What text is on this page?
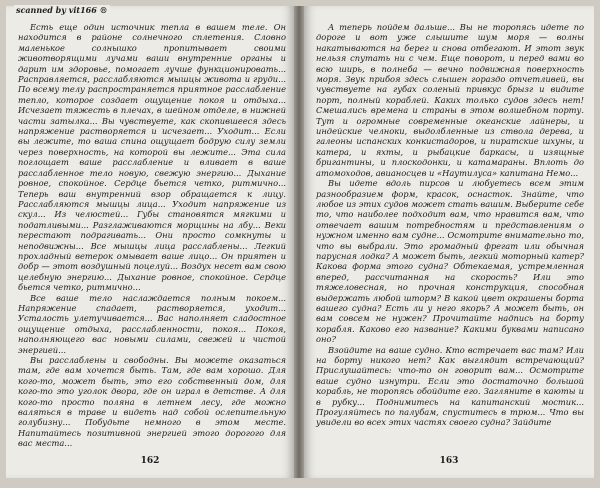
scanned by vit166 ®

Есть еще один источник тепла в вашем теле. Он находится в районе солнечного сплетения. Словно маленькое солнышко пропитывает своими животворящими лучами ваши внутренние органы и дарит им здоровье, помогает лучше функционировать... Расправляется, расслабляются мышцы живота и груди... По всему телу распространяется приятное расслабление тепло, которое создает ощущение покоя и отдыха... Исчезает тяжесть в плечах, в шейном отделе, в нижней части затылка... Вы чувствуете, как скопившееся здесь напряжение растворяется и исчезает... Уходит... Если вы лежите, то ваша спина ощущает бодрую силу земли через поверхность, на которой вы лежите... Эта сила поглощает ваше расслабление и вливает в ваше расслабленное тело новую, свежую энергию... Дыхание ровное, спокойное. Сердце бьется четко, ритмично... Теперь ваш внутренний взор обращается к лицу. Расслабляются мышцы лица... Уходит напряжение из скул... Из челюстей... Губы становятся мягкими и податливыми... Разглаживаются морщины на лбу... Веки перестают подрагивать... Они просто сомкнуты и неподвижны... Все мышцы лица расслаблены... Легкий прохладный ветерок омывает ваше лицо... Он приятен и добр — этот воздушный поцелуй... Воздух несет вам свою целебную энергию... Дыхание ровное, спокойное. Сердце бьется четко, ритмично...

Все ваше тело наслаждается полным покоем... Напряжение спадает, растворяется, уходит... Усталость улетучивается... Вас наполняет сладостное ощущение отдыха, расслабленности, покоя... Покоя, наполняющего вас новыми силами, свежей и чистой энергией...

Вы расслаблены и свободны. Вы можете оказаться там, где вам хочется быть. Там, где вам хорошо. Для кого-то, может быть, это его собственный дом, для кого-то это уголок двора, где он играл в детстве. А для кого-то просто поляна в летнем лесу, где можно валяться в траве и видеть над собой ослепительную голубизну... Побудьте немного в этом месте. Напитайтесь позитивной энергией этого дорогого для вас места...

162

А теперь пойдем дальше... Вы не торопясь идете по дороге и вот уже слышите шум моря — волны накатываются на берег и снова отбегают. И этот звук нельзя спутать ни с чем. Еще поворот, и перед вами во всю ширь, в полнеба — вечно подвижная поверхность моря. Звук прибоя здесь слышен гораздо отчетливей, вы чувствуете на губах соленый привкус брызг и видите порт, полный кораблей. Каких только судов здесь нет! Смешались времена и страны в этом волшебном порту. Тут и огромные современные океанские лайнеры, и индейские челноки, выдолбленные из ствола дерева, и галеоны испанских конкистадоров, и пиратские шхуны, и катера, и яхты, и рыбацкие баркасы, и изящные бригантины, и плоскодонки, и катамараны. Вплоть до атомоходов, авианосцев и «Наутилуса» капитана Немо...

Вы идете вдоль пирсов и любуетесь всем этим разнообразием форм, красок, оснасток. Знайте, что любое из этих судов может стать вашим. Выберите себе то, что наиболее подходит вам, что нравится вам, что отвечает вашим потребностям и представлениям о нужном именно вам судне... Осмотрите внимательно то, что вы выбрали. Это громадный фрегат или обычная парусная лодка? А может быть, легкий моторный катер? Какова форма этого судна? Обтекаемая, устремленная вперед, рассчитанная на скорость? Или это тяжеловесная, но прочная конструкция, способная выдержать любой шторм? В какой цвет окрашены борта вашего судна? Есть ли у него якорь? А может быть, он вам совсем не нужен? Прочитайте надпись на борту корабля. Каково его название? Какими буквами написано оно?

Взойдите на ваше судно. Кто встречает вас там? Или на борту никого нет? Как выглядит встречающий? Прислушайтесь: что-то он говорит вам... Осмотрите ваше судно изнутри. Если это достаточно большой корабль, не торопясь обойдите его. Загляните в каюты и в рубку... Поднимитесь на капитанский мостик... Прогуляйтесь по палубам, спуститесь в трюм... Что вы увидели во всех этих частях своего судна? Зайдите

163
